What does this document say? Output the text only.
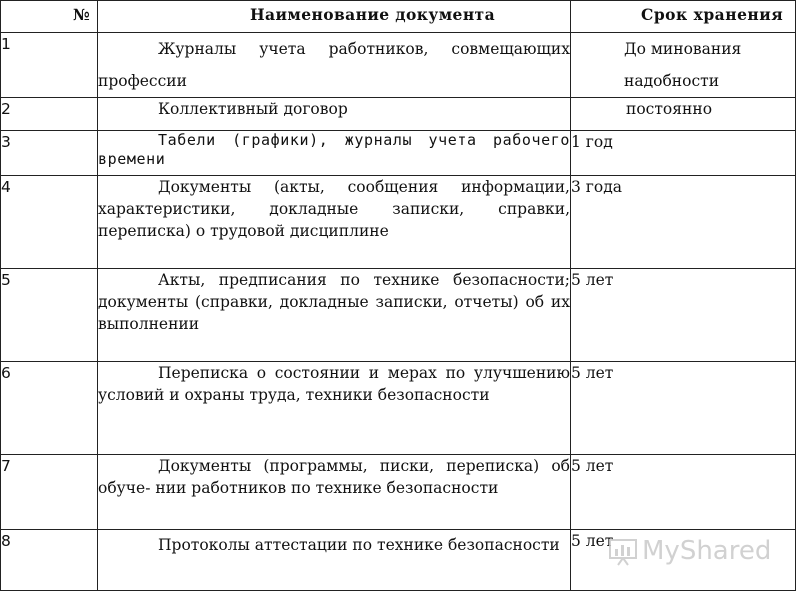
№	Наименование документа	Срок хранения
1	Журналы учета работников, совмещающих профессии	До минования надобности

2	Коллективный договор	постоянно
3	Табели (графики), журналы учета рабочего времени	1 год
4	Документы (акты, сообщения информации, характеристики, докладные записки, справки, переписка) о трудовой дисциплине	3 года
5	Акты, предписания по технике безопасности; документы (справки, докладные записки, отчеты) об их выполнении	5 лет
6	Переписка о состоянии и мерах по улучшению условий и охраны труда, техники безопасности	5 лет
7	Документы (программы, писки, переписка) об обуче- нии работников по технике безопасности	5 лет
8	Протоколы аттестации по технике безопасности	5 лет MyShared
